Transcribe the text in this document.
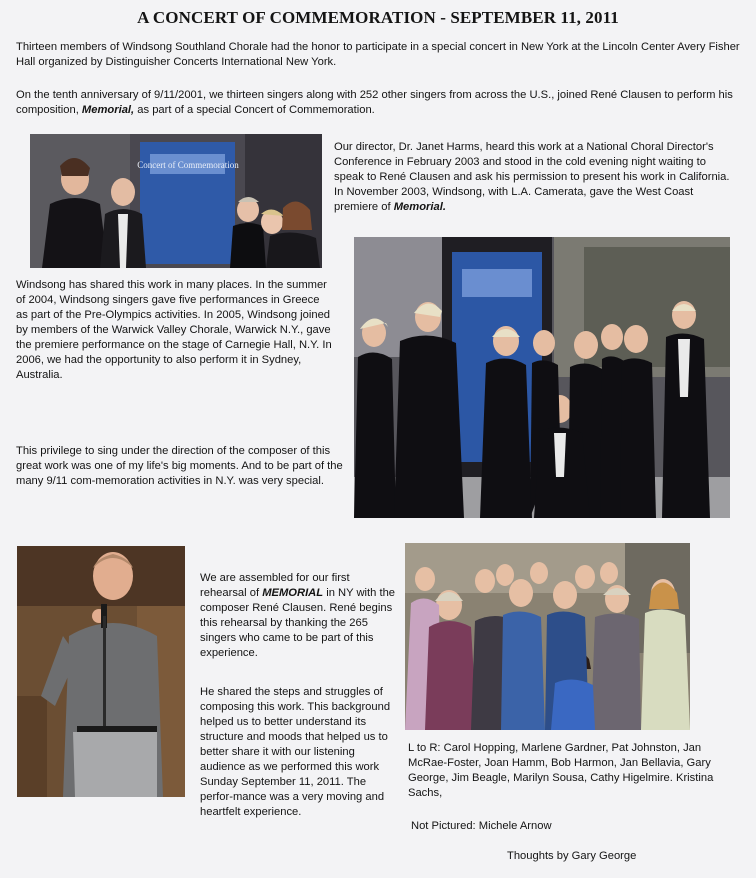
A CONCERT OF COMMEMORATION - SEPTEMBER 11, 2011

Thirteen members of Windsong Southland Chorale had the honor to participate in a special concert in New York at the Lincoln Center Avery Fisher Hall organized by Distinguisher Concerts International New York.

On the tenth anniversary of 9/11/2001, we thirteen singers along with 252 other singers from across the U.S., joined René Clausen to perform his composition, Memorial, as part of a special Concert of Commemoration.

Concert of Commemoration

Our director, Dr. Janet Harms, heard this work at a National Choral Director's Conference in February 2003 and stood in the cold evening night waiting to speak to René Clausen and ask his permission to present his work in California. In November 2003, Windsong, with L.A. Camerata, gave the West Coast premiere of Memorial.

Windsong has shared this work in many places. In the summer of 2004, Windsong singers gave five performances in Greece as part of the Pre-Olympics activities. In 2005, Windsong joined by members of the Warwick Valley Chorale, Warwick N.Y., gave the premiere performance on the stage of Carnegie Hall, N.Y. In 2006, we had the opportunity to also perform it in Sydney, Australia.

This privilege to sing under the direction of the composer of this great work was one of my life's big moments. And to be part of the many 9/11 com-memoration activities in N.Y. was very special.

We are assembled for our first rehearsal of MEMORIAL in NY with the composer René Clausen. René begins this rehearsal by thanking the 265 singers who came to be part of this experience.

He shared the steps and struggles of composing this work. This background helped us to better understand its structure and moods that helped us to better share it with our listening audience as we performed this work Sunday September 11, 2011. The perfor-mance was a very moving and heartfelt experience.

L to R: Carol Hopping, Marlene Gardner, Pat Johnston, Jan McRae-Foster, Joan Hamm, Bob Harmon, Jan Bellavia, Gary George, Jim Beagle, Marilyn Sousa, Cathy Higelmire. Kristina Sachs,

Not Pictured: Michele Arnow
Thoughts by Gary George
